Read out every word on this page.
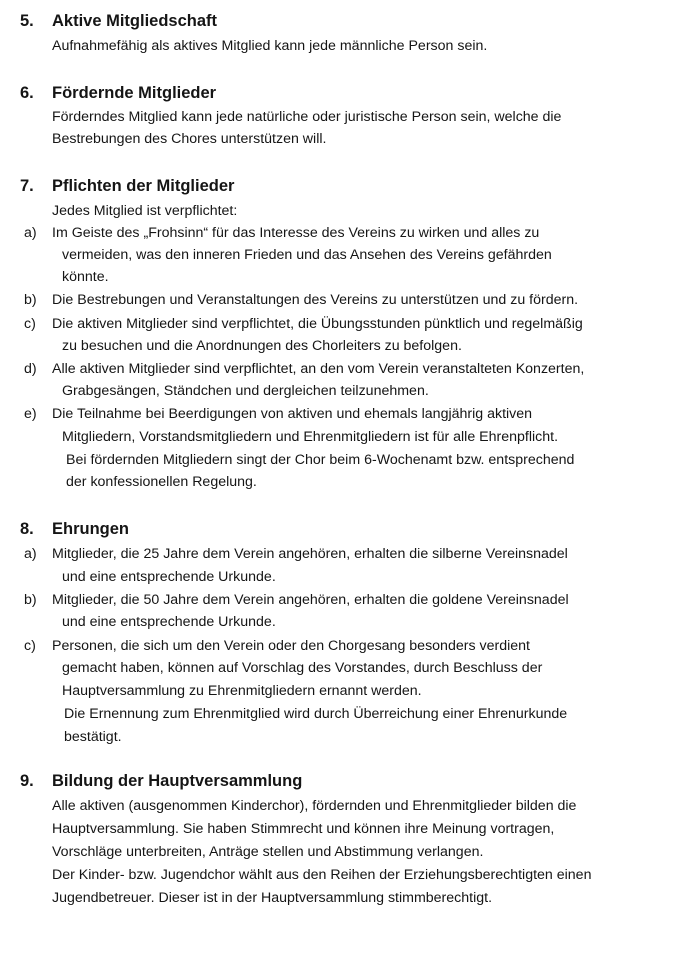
5. Aktive Mitgliedschaft
Aufnahmefähig als aktives Mitglied kann jede männliche Person sein.
6. Fördernde Mitglieder
Förderndes Mitglied kann jede natürliche oder juristische Person sein, welche die
Bestrebungen des Chores unterstützen will.
7. Pflichten der Mitglieder
Jedes Mitglied ist verpflichtet:
a) Im Geiste des „Frohsinn“ für das Interesse des Vereins zu wirken und alles zu
vermeiden, was den inneren Frieden und das Ansehen des Vereins gefährden
könnte.
b) Die Bestrebungen und Veranstaltungen des Vereins zu unterstützen und zu fördern.
c) Die aktiven Mitglieder sind verpflichtet, die Übungsstunden pünktlich und regelmäßig
zu besuchen und die Anordnungen des Chorleiters zu befolgen.
d) Alle aktiven Mitglieder sind verpflichtet, an den vom Verein veranstalteten Konzerten,
Grabgesängen, Ständchen und dergleichen teilzunehmen.
e) Die Teilnahme bei Beerdigungen von aktiven und ehemals langjährig aktiven
Mitgliedern, Vorstandsmitgliedern und Ehrenmitgliedern ist für alle Ehrenpflicht.
Bei fördernden Mitgliedern singt der Chor beim 6-Wochenamt bzw. entsprechend
der konfessionellen Regelung.
8. Ehrungen
a) Mitglieder, die 25 Jahre dem Verein angehören, erhalten die silberne Vereinsnadel
und eine entsprechende Urkunde.
b) Mitglieder, die 50 Jahre dem Verein angehören, erhalten die goldene Vereinsnadel
und eine entsprechende Urkunde.
c) Personen, die sich um den Verein oder den Chorgesang besonders verdient
gemacht haben, können auf Vorschlag des Vorstandes, durch Beschluss der
Hauptversammlung zu Ehrenmitgliedern ernannt werden.
Die Ernennung zum Ehrenmitglied wird durch Überreichung einer Ehrenurkunde
bestätigt.
9. Bildung der Hauptversammlung
Alle aktiven (ausgenommen Kinderchor), fördernden und Ehrenmitglieder bilden die
Hauptversammlung. Sie haben Stimmrecht und können ihre Meinung vortragen,
Vorschläge unterbreiten, Anträge stellen und Abstimmung verlangen.
Der Kinder- bzw. Jugendchor wählt aus den Reihen der Erziehungsberechtigten einen
Jugendbetreuer. Dieser ist in der Hauptversammlung stimmberechtigt.
